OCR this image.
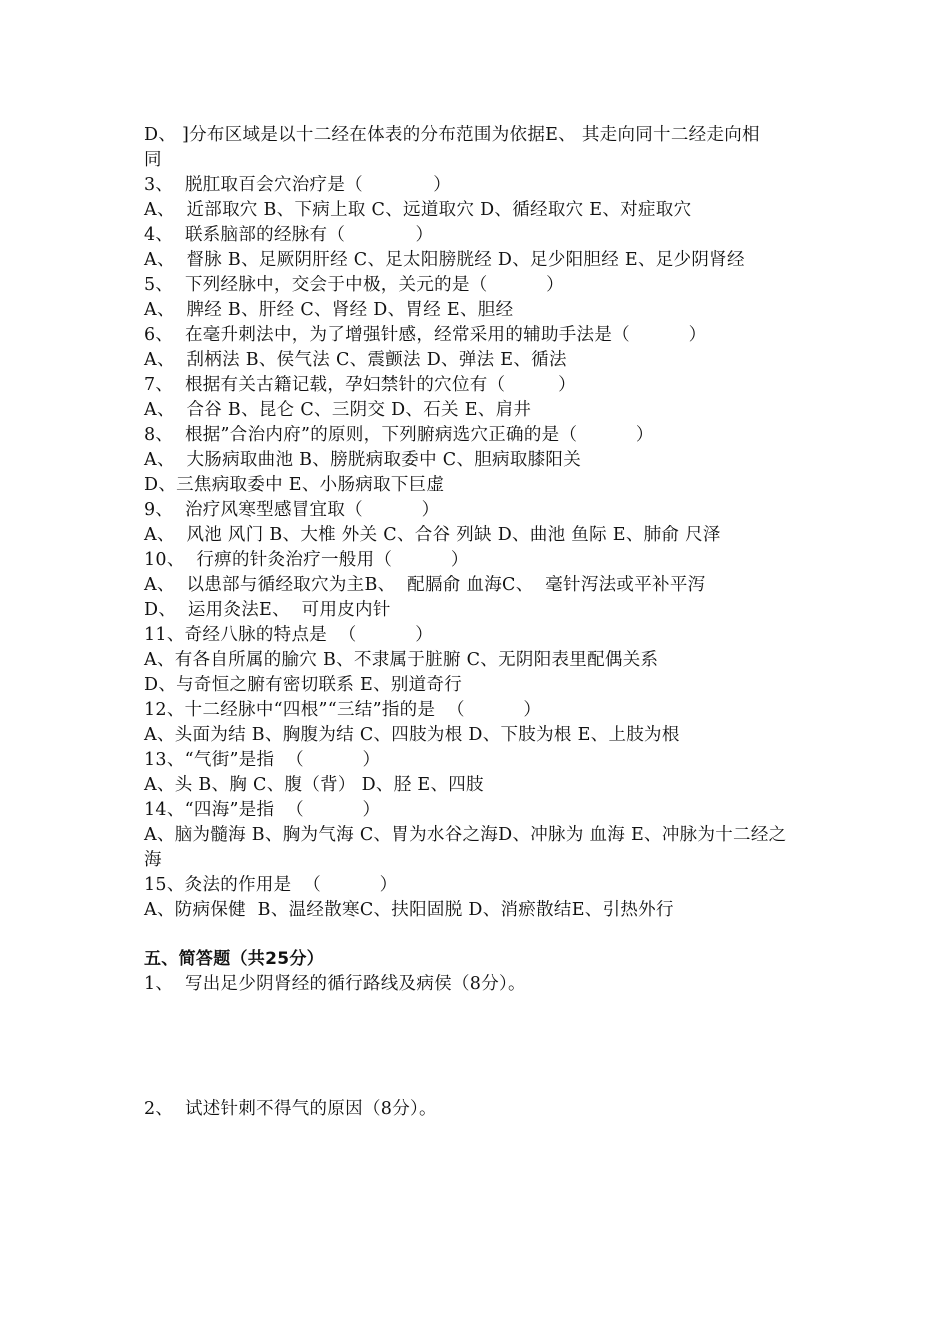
D、 ]分布区域是以十二经在体表的分布范围为依据E、 其走向同十二经走向相
同
3、  脱肛取百会穴治疗是（            ）
A、  近部取穴 B、下病上取 C、远道取穴 D、循经取穴 E、对症取穴
4、  联系脑部的经脉有（            ）
A、  督脉 B、足厥阴肝经 C、足太阳膀胱经 D、足少阳胆经 E、足少阴肾经
5、  下列经脉中，交会于中极，关元的是（          ）
A、  脾经 B、肝经 C、肾经 D、胃经 E、胆经
6、  在毫升刺法中，为了增强针感，经常采用的辅助手法是（          ）
A、  刮柄法 B、侯气法 C、震颤法 D、弹法 E、循法
7、  根据有关古籍记载，孕妇禁针的穴位有（         ）
A、  合谷 B、昆仑 C、三阴交 D、石关 E、肩井
8、  根据”合治内府”的原则，下列腑病选穴正确的是（          ）
A、  大肠病取曲池 B、膀胱病取委中 C、胆病取膝阳关
D、三焦病取委中 E、小肠病取下巨虚
9、  治疗风寒型感冒宜取（          ）
A、  风池 风门 B、大椎 外关 C、合谷 列缺 D、曲池 鱼际 E、肺俞 尺泽
10、  行痹的针灸治疗一般用（          ）
A、  以患部与循经取穴为主B、  配膈俞 血海C、  毫针泻法或平补平泻
D、  运用灸法E、  可用皮内针
11、奇经八脉的特点是  （          ）
A、有各自所属的腧穴 B、不隶属于脏腑 C、无阴阳表里配偶关系
D、与奇恒之腑有密切联系 E、别道奇行
12、十二经脉中“四根”“三结”指的是  （          ）
A、头面为结 B、胸腹为结 C、四肢为根 D、下肢为根 E、上肢为根
13、“气街”是指  （          ）
A、头 B、胸 C、腹（背） D、胫 E、四肢
14、“四海”是指  （          ）
A、脑为髓海 B、胸为气海 C、胃为水谷之海D、冲脉为 血海 E、冲脉为十二经之
海
15、灸法的作用是  （          ）
A、防病保健  B、温经散寒C、扶阳固脱 D、消瘀散结E、引热外行
五、简答题（共25分）
1、  写出足少阴肾经的循行路线及病侯（8分）。
2、  试述针刺不得气的原因（8分）。
